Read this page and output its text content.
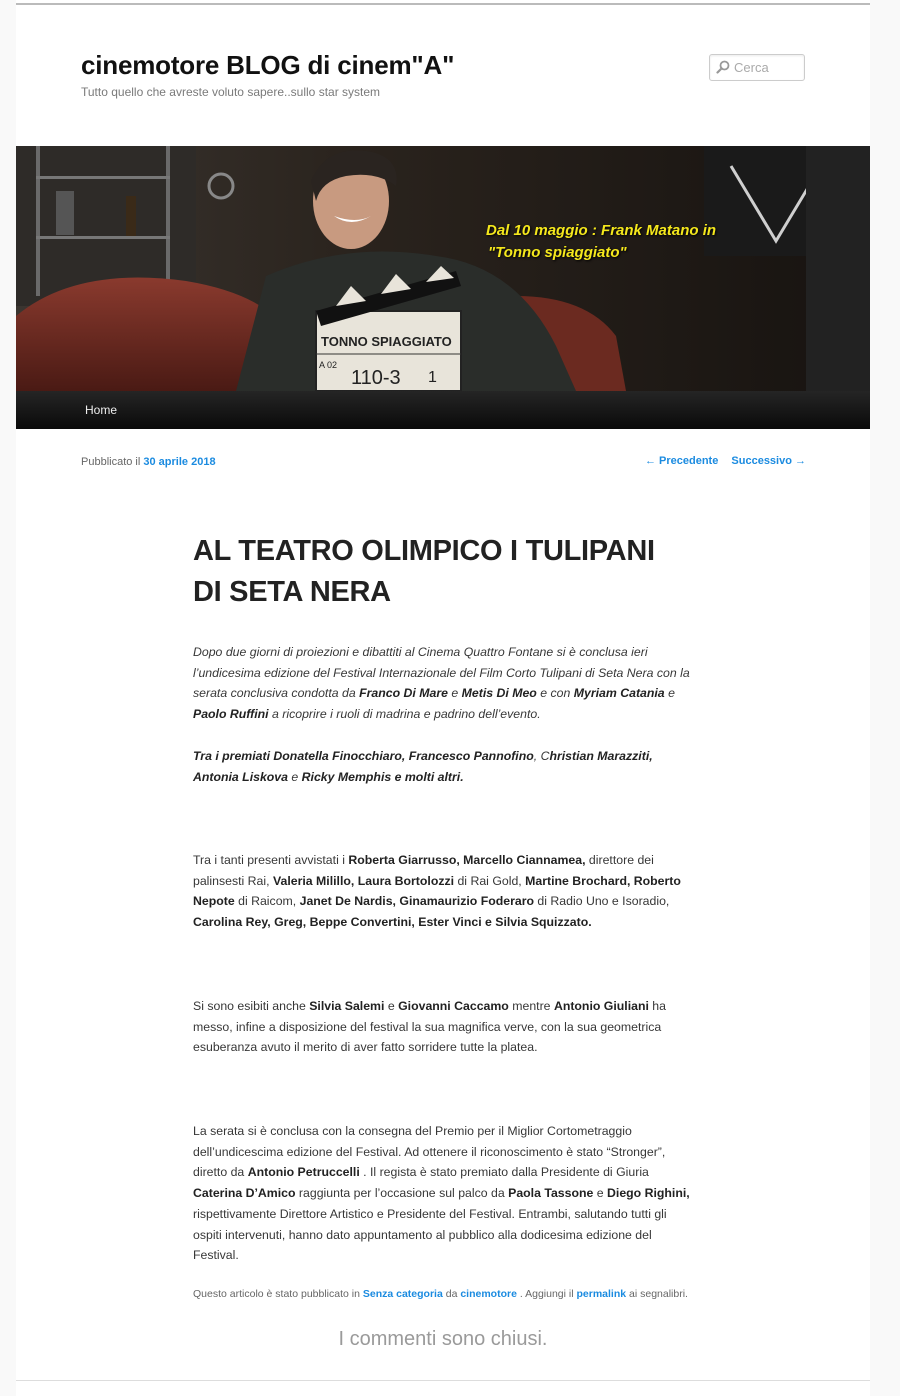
cinemotore BLOG di cinem"A"

Tutto quello che avreste voluto sapere..sullo star system

Cerca
TONNO SPIAGGIATO
A 02
110-3 1
Dal 10 maggio : Frank Matano in
"Tonno spiaggiato"
Home
Pubblicato il 30 aprile 2018	← Precedente Successivo →
AL TEATRO OLIMPICO I TULIPANI DI SETA NERA

Dopo due giorni di proiezioni e dibattiti al Cinema Quattro Fontane si è conclusa ieri l’undicesima edizione del Festival Internazionale del Film Corto Tulipani di Seta Nera con la serata conclusiva condotta da Franco Di Mare e Metis Di Meo e con Myriam Catania e Paolo Ruffini a ricoprire i ruoli di madrina e padrino dell’evento.

Tra i premiati Donatella Finocchiaro, Francesco Pannofino, Christian Marazziti, Antonia Liskova e Ricky Memphis e molti altri.

Tra i tanti presenti avvistati i Roberta Giarrusso, Marcello Ciannamea, direttore dei palinsesti Rai, Valeria Milillo, Laura Bortolozzi di Rai Gold, Martine Brochard, Roberto Nepote di Raicom, Janet De Nardis, Ginamaurizio Foderaro di Radio Uno e Isoradio, Carolina Rey, Greg, Beppe Convertini, Ester Vinci e Silvia Squizzato.

Si sono esibiti anche Silvia Salemi e Giovanni Caccamo mentre Antonio Giuliani ha messo, infine a disposizione del festival la sua magnifica verve, con la sua geometrica esuberanza avuto il merito di aver fatto sorridere tutte la platea.

La serata si è conclusa con la consegna del Premio per il Miglior Cortometraggio dell’undicescima edizione del Festival. Ad ottenere il riconoscimento è stato “Stronger”, diretto da Antonio Petruccelli . Il regista è stato premiato dalla Presidente di Giuria Caterina D’Amico raggiunta per l’occasione sul palco da Paola Tassone e Diego Righini, rispettivamente Direttore Artistico e Presidente del Festival. Entrambi, salutando tutti gli ospiti intervenuti, hanno dato appuntamento al pubblico alla dodicesima edizione del Festival.

Questo articolo è stato pubblicato in Senza categoria da cinemotore . Aggiungi il permalink ai segnalibri.

I commenti sono chiusi.
